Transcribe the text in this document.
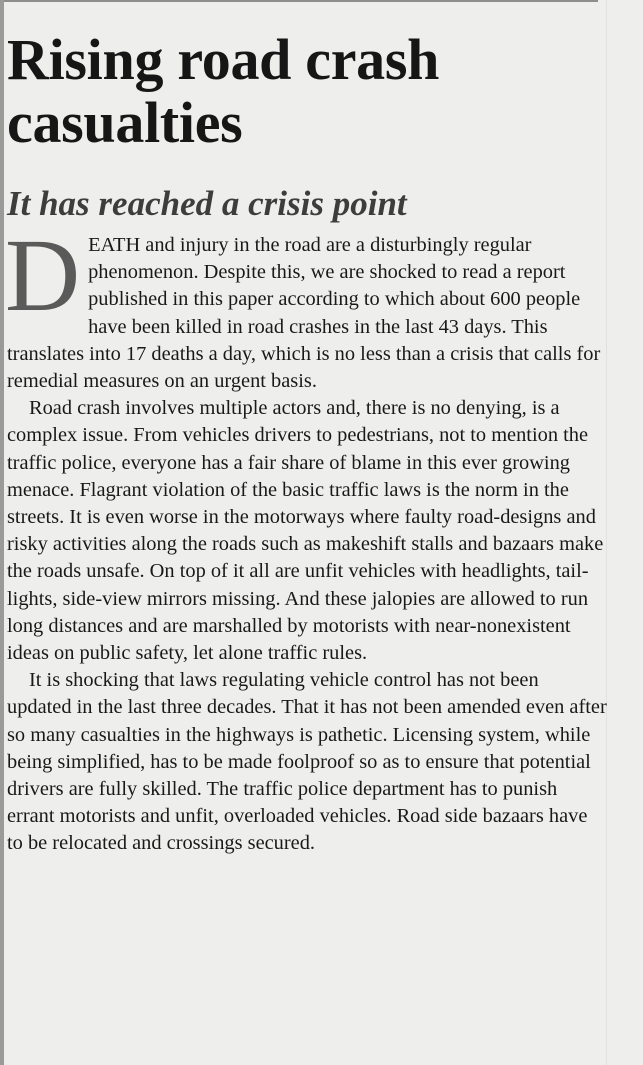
Rising road crash casualties
It has reached a crisis point

DEATH and injury in the road are a disturbingly regular phenomenon. Despite this, we are shocked to read a report published in this paper according to which about 600 people have been killed in road crashes in the last 43 days. This translates into 17 deaths a day, which is no less than a crisis that calls for remedial measures on an urgent basis.

Road crash involves multiple actors and, there is no denying, is a complex issue. From vehicles drivers to pedestrians, not to mention the traffic police, everyone has a fair share of blame in this ever growing menace. Flagrant violation of the basic traffic laws is the norm in the streets. It is even worse in the motorways where faulty road-designs and risky activities along the roads such as makeshift stalls and bazaars make the roads unsafe. On top of it all are unfit vehicles with headlights, tail-lights, side-view mirrors missing. And these jalopies are allowed to run long distances and are marshalled by motorists with near-nonexistent ideas on public safety, let alone traffic rules.

It is shocking that laws regulating vehicle control has not been updated in the last three decades. That it has not been amended even after so many casualties in the highways is pathetic. Licensing system, while being simplified, has to be made foolproof so as to ensure that potential drivers are fully skilled. The traffic police department has to punish errant motorists and unfit, overloaded vehicles. Road side bazaars have to be relocated and crossings secured.
